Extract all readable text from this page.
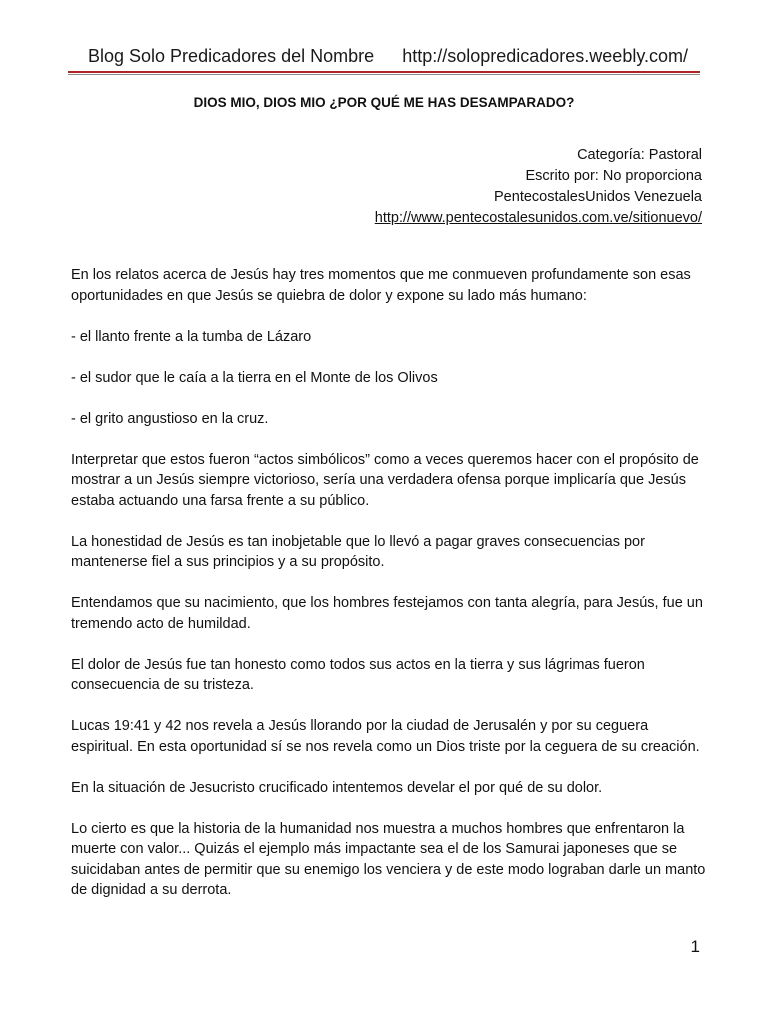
Blog Solo Predicadores del Nombre http://solopredicadores.weebly.com/
DIOS MIO, DIOS MIO ¿POR QUÉ ME HAS DESAMPARADO?
Categoría: Pastoral
Escrito por: No proporciona
PentecostalesUnidos Venezuela
http://www.pentecostalesunidos.com.ve/sitionuevo/

En los relatos acerca de Jesús hay tres momentos que me conmueven profundamente son esas oportunidades en que Jesús se quiebra de dolor y expone su lado más humano:

- el llanto frente a la tumba de Lázaro

- el sudor que le caía a la tierra en el Monte de los Olivos

- el grito angustioso en la cruz.

Interpretar que estos fueron “actos simbólicos” como a veces queremos hacer con el propósito de mostrar a un Jesús siempre victorioso, sería una verdadera ofensa porque implicaría que Jesús estaba actuando una farsa frente a su público.

La honestidad de Jesús es tan inobjetable que lo llevó a pagar graves consecuencias por mantenerse fiel a sus principios y a su propósito.

Entendamos que su nacimiento, que los hombres festejamos con tanta alegría, para Jesús, fue un tremendo acto de humildad.

El dolor de Jesús fue tan honesto como todos sus actos en la tierra y sus lágrimas fueron consecuencia de su tristeza.

Lucas 19:41 y 42 nos revela a Jesús llorando por la ciudad de Jerusalén y por su ceguera espiritual. En esta oportunidad sí se nos revela como un Dios triste por la ceguera de su creación.

En la situación de Jesucristo crucificado intentemos develar el por qué de su dolor.

Lo cierto es que la historia de la humanidad nos muestra a muchos hombres que enfrentaron la muerte con valor... Quizás el ejemplo más impactante sea el de los Samurai japoneses que se suicidaban antes de permitir que su enemigo los venciera y de este modo lograban darle un manto de dignidad a su derrota.

1
